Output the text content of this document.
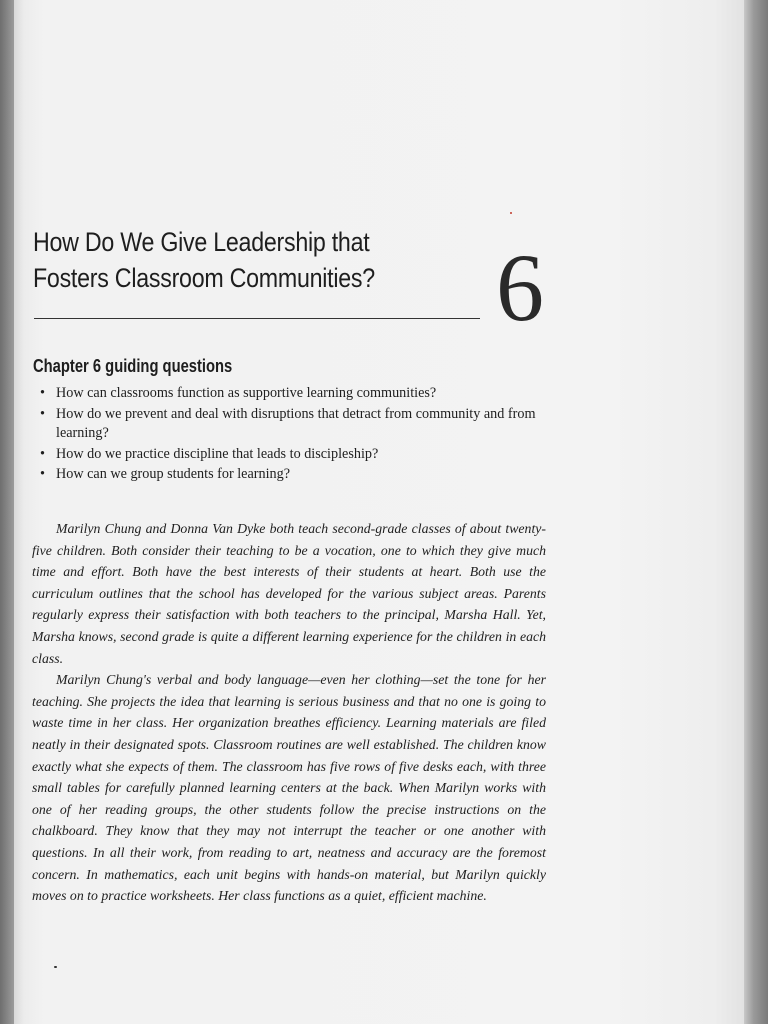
How Do We Give Leadership that
Fosters Classroom Communities?	6
Chapter 6 guiding questions
• How can classrooms function as supportive learning communities?
• How do we prevent and deal with disruptions that detract from community and from learning?
• How do we practice discipline that leads to discipleship?
• How can we group students for learning?

Marilyn Chung and Donna Van Dyke both teach second-grade classes of about twenty-five children. Both consider their teaching to be a vocation, one to which they give much time and effort. Both have the best interests of their students at heart. Both use the curriculum outlines that the school has developed for the various subject areas. Parents regularly express their satisfaction with both teachers to the principal, Marsha Hall. Yet, Marsha knows, second grade is quite a different learning experience for the children in each class.

Marilyn Chung's verbal and body language—even her clothing—set the tone for her teaching. She projects the idea that learning is serious business and that no one is going to waste time in her class. Her organization breathes efficiency. Learning materials are filed neatly in their designated spots. Classroom routines are well established. The children know exactly what she expects of them. The classroom has five rows of five desks each, with three small tables for carefully planned learning centers at the back. When Marilyn works with one of her reading groups, the other students follow the precise instructions on the chalkboard. They know that they may not interrupt the teacher or one another with questions. In all their work, from reading to art, neatness and accuracy are the foremost concern. In mathematics, each unit begins with hands-on material, but Marilyn quickly moves on to practice worksheets. Her class functions as a quiet, efficient machine.
